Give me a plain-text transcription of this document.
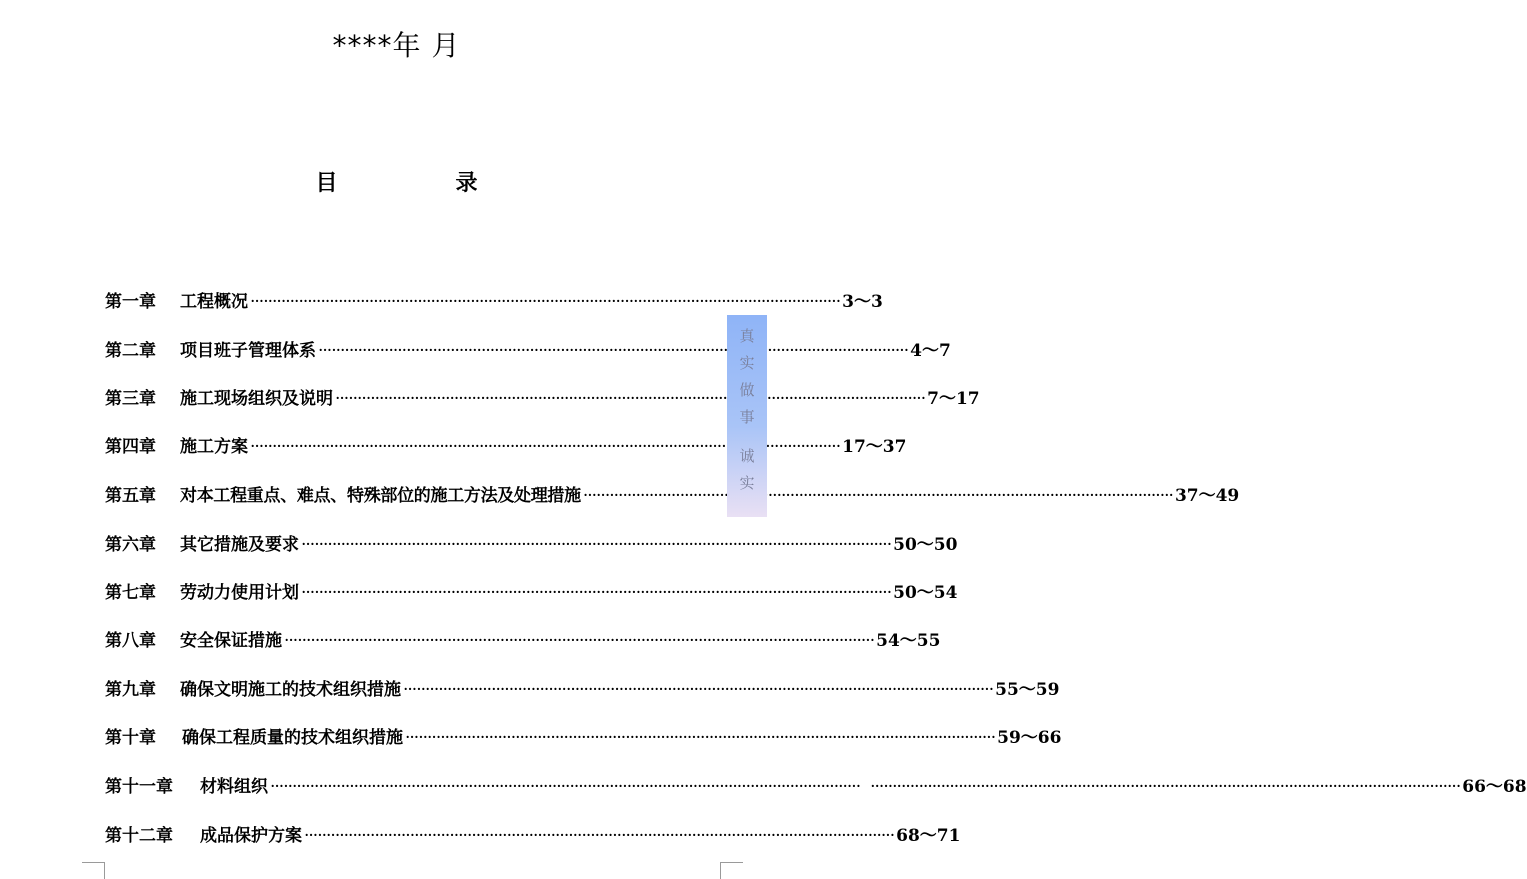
****年 月
目	录
第一章	工程概况 ·····	3～3
第二章	项目班子管理体系 ·····	4～7
第三章	施工现场组织及说明 ·····	7～17
第四章	施工方案 ·····	17～37
第五章	对本工程重点、难点、特殊部位的施工方法及处理措施 ·····	37～49
第六章	其它措施及要求 ·····	50～50
第七章	劳动力使用计划 ·····	50～54
第八章	安全保证措施 ·····	54～55
第九章	确保文明施工的技术组织措施 ·····	55～59
第十章	确保工程质量的技术组织措施 ·····	59～66
第十一章	材料组织 ····· ·····	66～68
第十二章	成品保护方案 ·····	68～71
真
实
做
事
诚
实
